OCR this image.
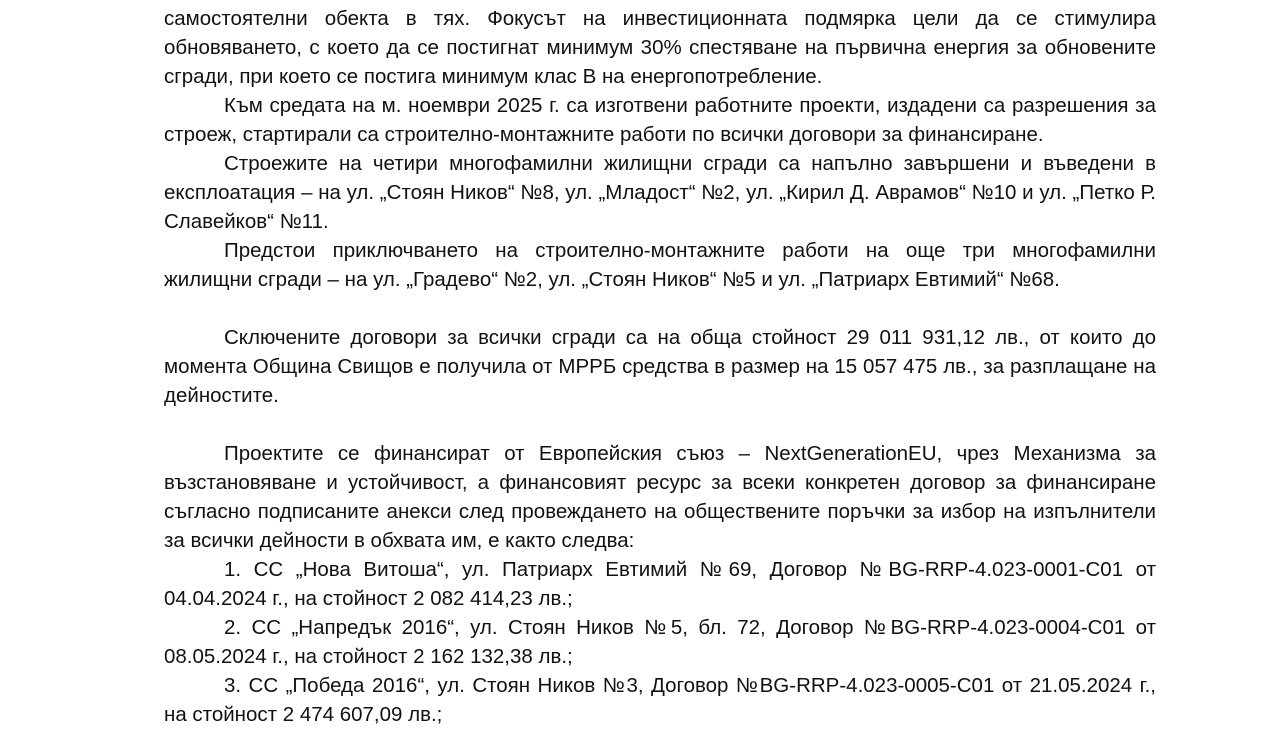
самостоятелни обекта в тях. Фокусът на инвестиционната подмярка цели да се стимулира обновяването, с което да се постигнат минимум 30% спестяване на първична енергия за обновените сгради, при което се постига минимум клас В на енергопотребление.

Към средата на м. ноември 2025 г. са изготвени работните проекти, издадени са разрешения за строеж, стартирали са строително-монтажните работи по всички договори за финансиране.

Строежите на четири многофамилни жилищни сгради са напълно завършени и въведени в експлоатация – на ул. „Стоян Ников“ №8, ул. „Младост“ №2, ул. „Кирил Д. Аврамов“ №10 и ул. „Петко Р. Славейков“ №11.

Предстои приключването на строително-монтажните работи на още три многофамилни жилищни сгради – на ул. „Градево“ №2, ул. „Стоян Ников“ №5 и ул. „Патриарх Евтимий“ №68.

Сключените договори за всички сгради са на обща стойност 29 011 931,12 лв., от които до момента Община Свищов е получила от МРРБ средства в размер на 15 057 475 лв., за разплащане на дейностите.

Проектите се финансират от Европейския съюз – NextGenerationEU, чрез Механизма за възстановяване и устойчивост, а финансовият ресурс за всеки конкретен договор за финансиране съгласно подписаните анекси след провеждането на обществените поръчки за избор на изпълнители за всички дейности в обхвата им, е както следва:

1. СС „Нова Витоша“, ул. Патриарх Евтимий №69, Договор №BG-RRP-4.023-0001-C01 от 04.04.2024 г., на стойност 2 082 414,23 лв.;

2. СС „Напредък 2016“, ул. Стоян Ников №5, бл. 72, Договор №BG-RRP-4.023-0004-C01 от 08.05.2024 г., на стойност 2 162 132,38 лв.;

3. СС „Победа 2016“, ул. Стоян Ников №3, Договор №BG-RRP-4.023-0005-C01 от 21.05.2024 г., на стойност 2 474 607,09 лв.;
